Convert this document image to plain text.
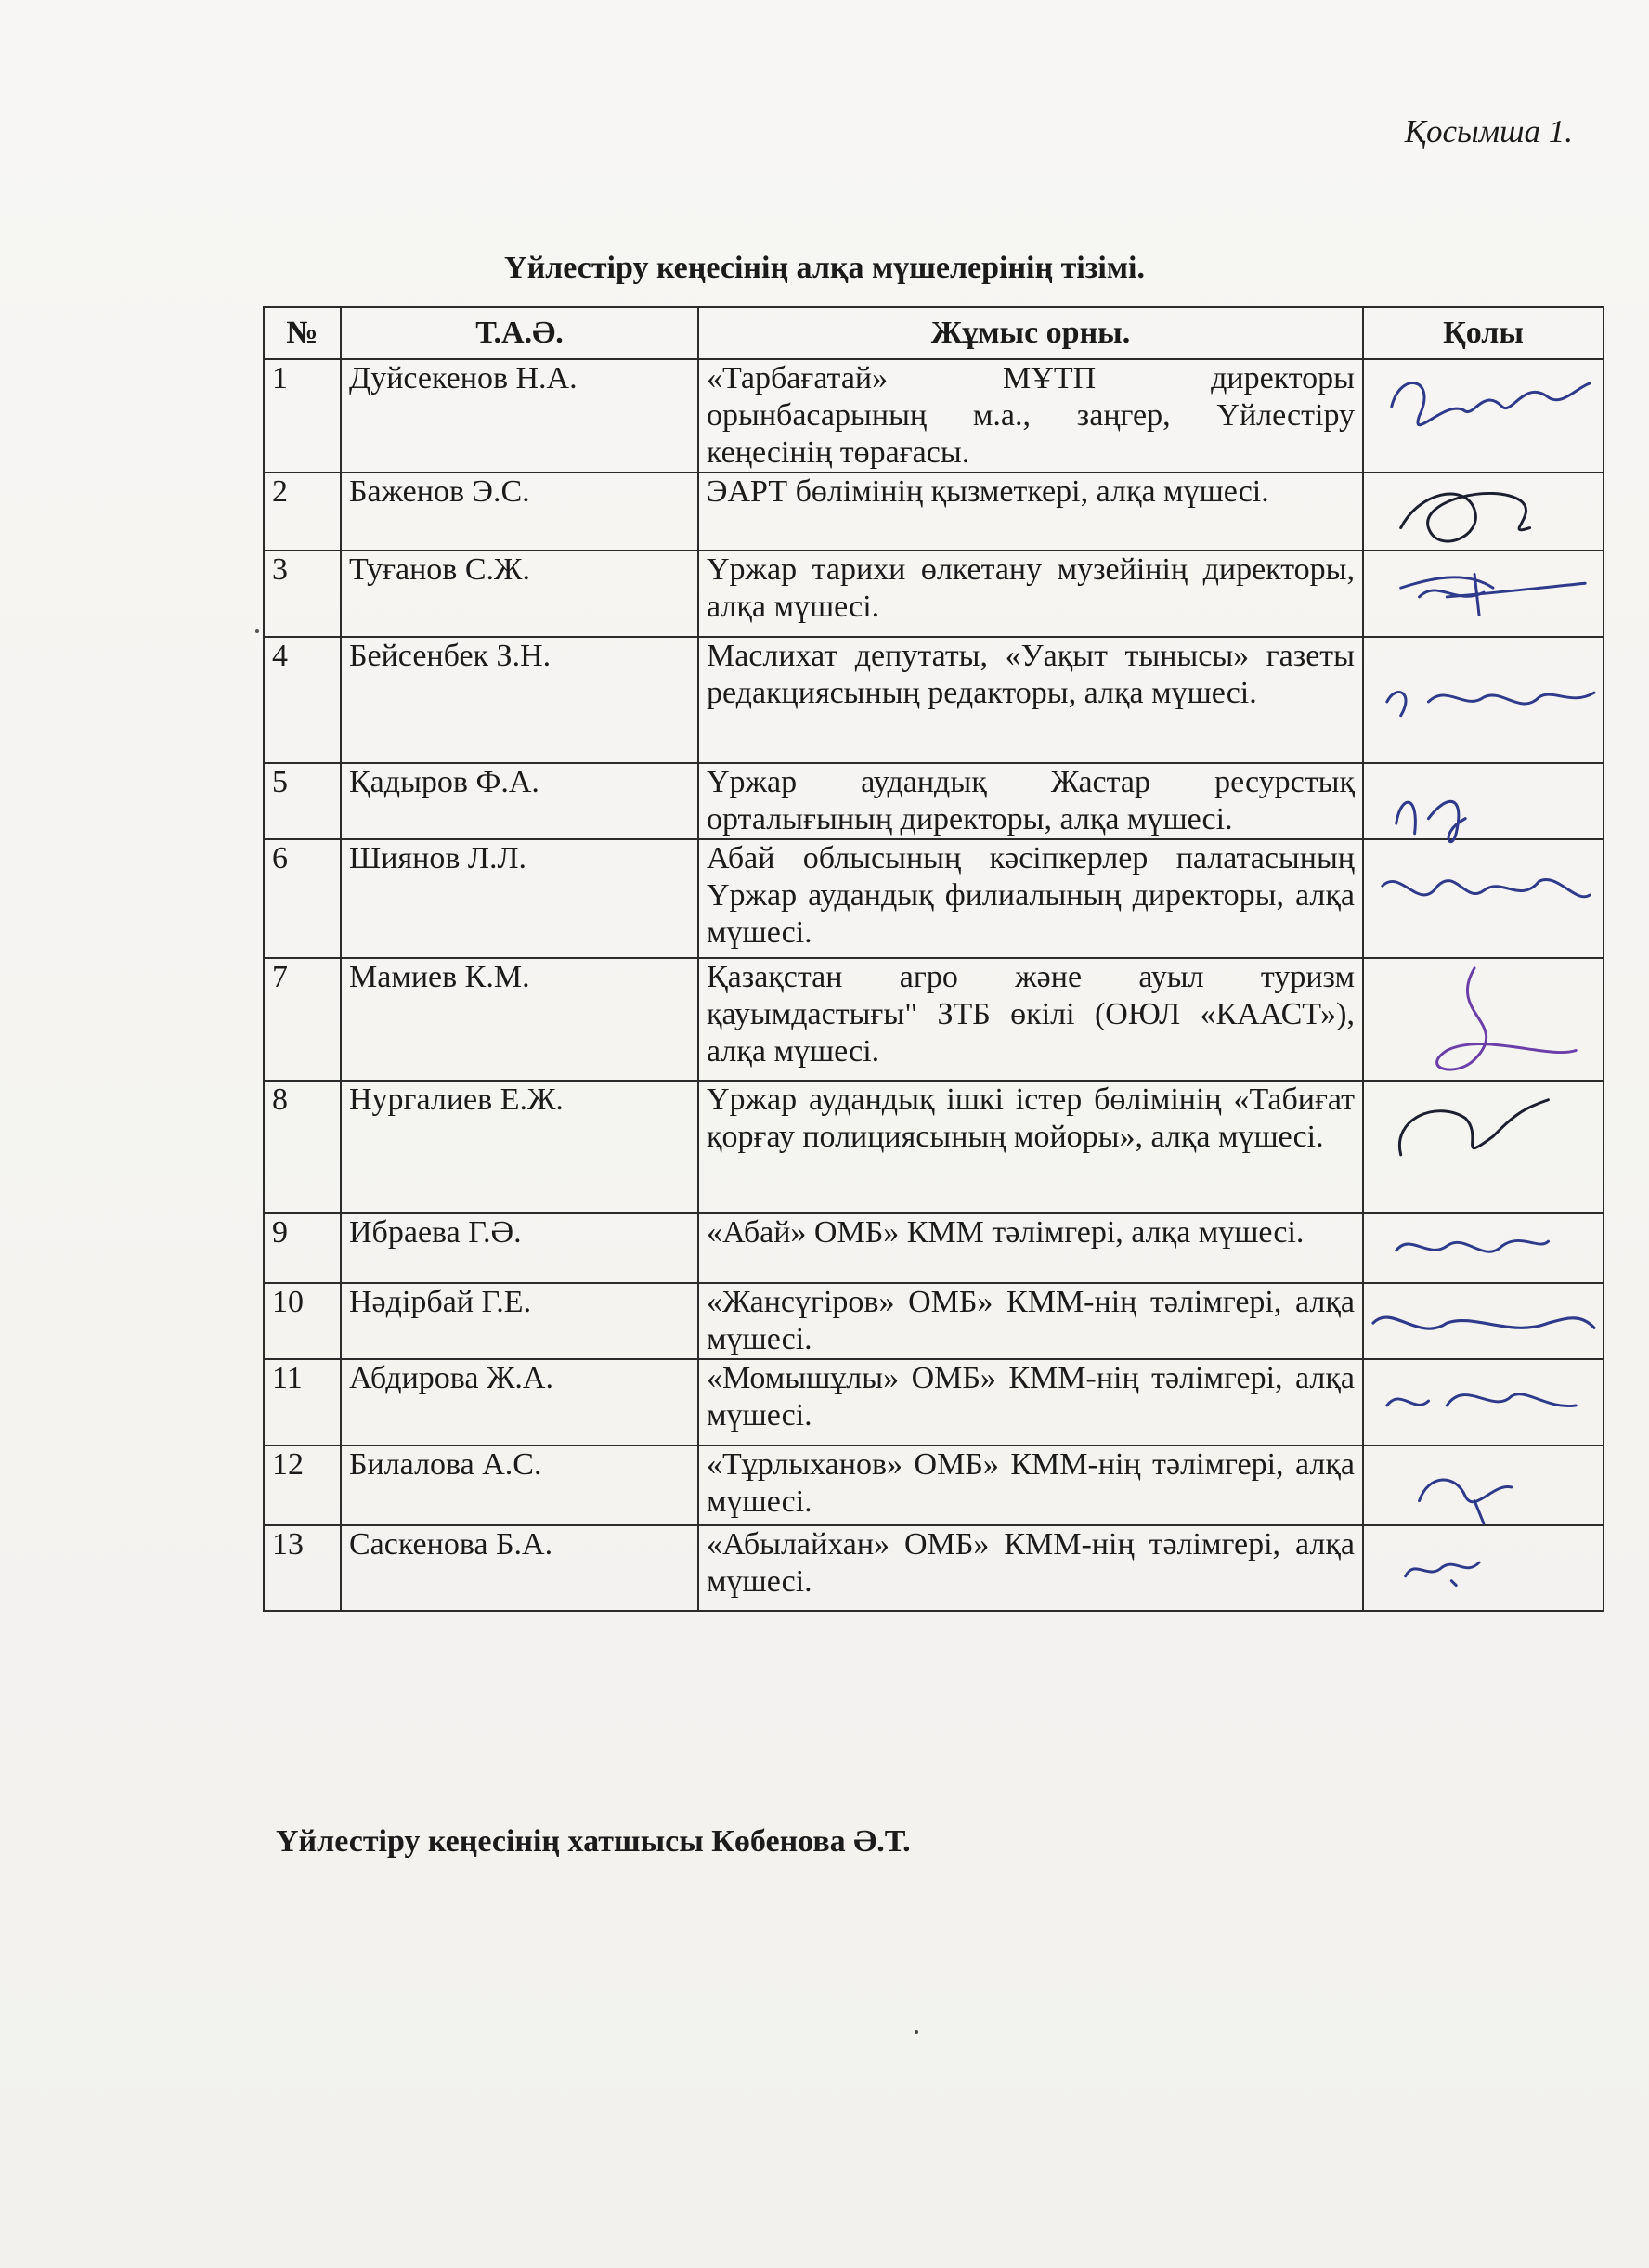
Қосымша 1.
Үйлестіру кеңесінің алқа мүшелерінің тізімі.
№	Т.А.Ә.	Жұмыс орны.	Қолы
1	Дуйсекенов Н.А.	«Тарбағатай» МҰТП директоры орынбасарының м.а., заңгер, Үйлестіру кеңесінің төрағасы.	

2	Баженов Э.С.	ЭАРТ бөлімінің қызметкері, алқа мүшесі.	

3	Туғанов С.Ж.	Үржар тарихи өлкетану музейінің директоры, алқа мүшесі.	

4	Бейсенбек З.Н.	Маслихат депутаты, «Уақыт тынысы» газеты редакциясының редакторы, алқа мүшесі.	

5	Қадыров Ф.А.	Үржар аудандық Жастар ресурстық орталығының директоры, алқа мүшесі.	

6	Шиянов Л.Л.	Абай облысының кәсіпкерлер палатасының Үржар аудандық филиалының директоры, алқа мүшесі.	

7	Мамиев К.М.	Қазақстан агро және ауыл туризм қауымдастығы" ЗТБ өкілі (ОЮЛ «КААСТ»), алқа мүшесі.	

8	Нургалиев Е.Ж.	Үржар аудандық ішкі істер бөлімінің «Табиғат қорғау полициясының мойоры», алқа мүшесі.	

9	Ибраева Г.Ә.	«Абай» ОМБ» КММ тәлімгері, алқа мүшесі.	

10	Нәдірбай Г.Е.	«Жансүгіров» ОМБ» КММ-нің тәлімгері, алқа мүшесі.	

11	Абдирова Ж.А.	«Момышұлы» ОМБ» КММ-нің тәлімгері, алқа мүшесі.	

12	Билалова А.С.	«Тұрлыханов» ОМБ» КММ-нің тәлімгері, алқа мүшесі.	

13	Саскенова Б.А.	«Абылайхан» ОМБ» КММ-нің тәлімгері, алқа мүшесі.	
Үйлестіру кеңесінің хатшысы Көбенова Ә.Т.
